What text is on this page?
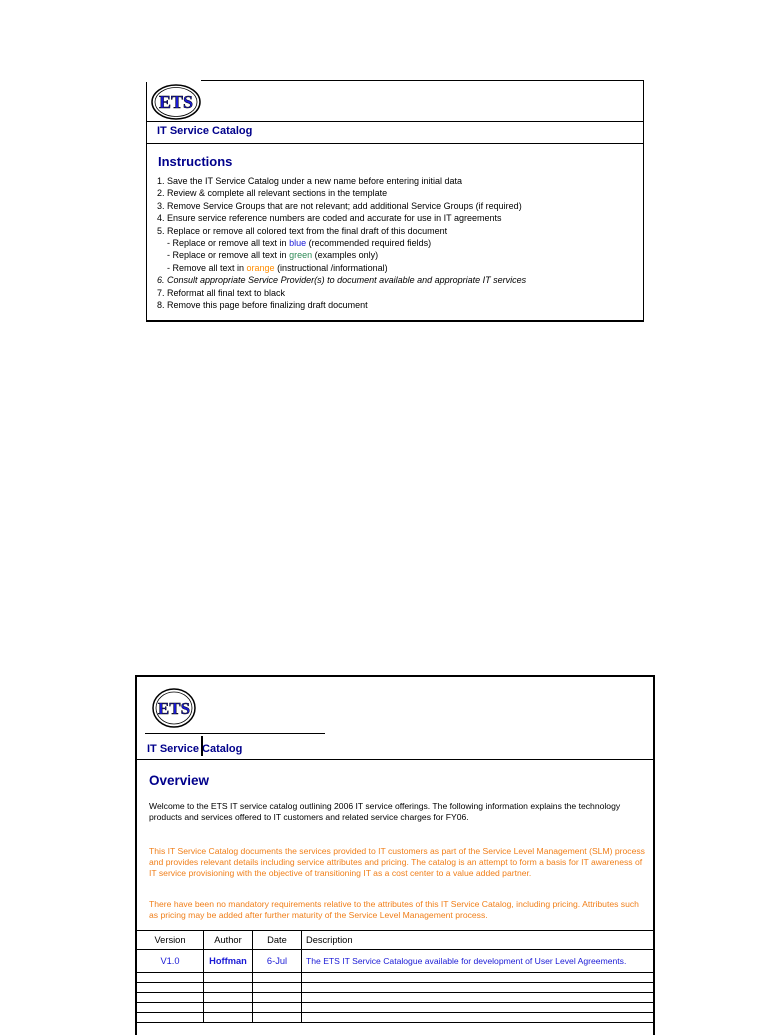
ETS
IT Service Catalog
Instructions
1. Save the IT Service Catalog under a new name before entering initial data
2. Review & complete all relevant sections in the template
3. Remove Service Groups that are not relevant; add additional Service Groups (if required)
4. Ensure service reference numbers are coded and accurate for use in IT agreements
5. Replace or remove all colored text from the final draft of this document
- Replace or remove all text in blue (recommended required fields)
- Replace or remove all text in green (examples only)
- Remove all text in orange (instructional /informational)
6. Consult appropriate Service Provider(s) to document available and appropriate IT services
7. Reformat all final text to black
8. Remove this page before finalizing draft document
ETS
IT Service Catalog
Overview
Welcome to the ETS IT service catalog outlining 2006 IT service offerings. The following information explains the technology products and services offered to IT customers and related service charges for FY06.
This IT Service Catalog documents the services provided to IT customers as part of the Service Level Management (SLM) process and provides relevant details including service attributes and pricing. The catalog is an attempt to form a basis for IT awareness of IT service provisioning with the objective of transitioning IT as a cost center to a value added partner.
There have been no mandatory requirements relative to the attributes of this IT Service Catalog, including pricing. Attributes such as pricing may be added after further maturity of the Service Level Management process.
Version	Author	Date	Description
V1.0	Hoffman	6-Jul	The ETS IT Service Catalogue available for development of User Level Agreements.
